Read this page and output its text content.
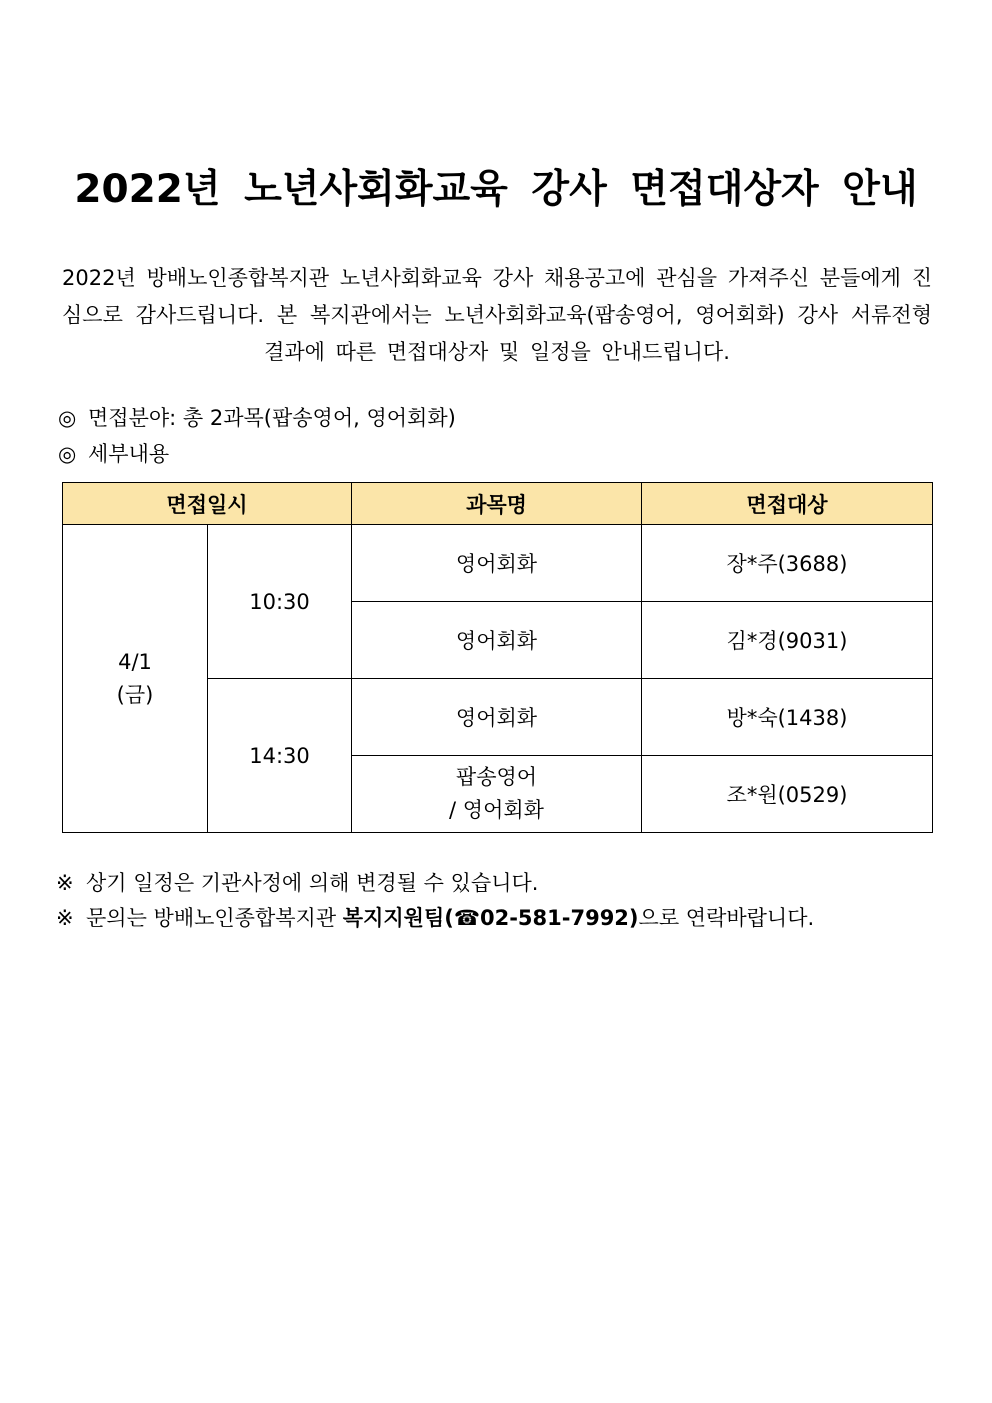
2022년 노년사회화교육 강사 면접대상자 안내
2022년 방배노인종합복지관 노년사회화교육 강사 채용공고에 관심을 가져주신 분들에게 진심으로 감사드립니다. 본 복지관에서는 노년사회화교육(팝송영어, 영어회화) 강사 서류전형 결과에 따른 면접대상자 및 일정을 안내드립니다.
◎ 면접분야: 총 2과목(팝송영어, 영어회화)
◎ 세부내용
면접일시		과목명	면접대상

4/1
(금)	10:30	영어회화	장*주(3688)
		영어회화	김*경(9031)
	14:30	영어회화	방*숙(1438)

		팝송영어
/ 영어회화	조*원(0529)
※ 상기 일정은 기관사정에 의해 변경될 수 있습니다.
※ 문의는 방배노인종합복지관 복지지원팀(☎02-581-7992)으로 연락바랍니다.
